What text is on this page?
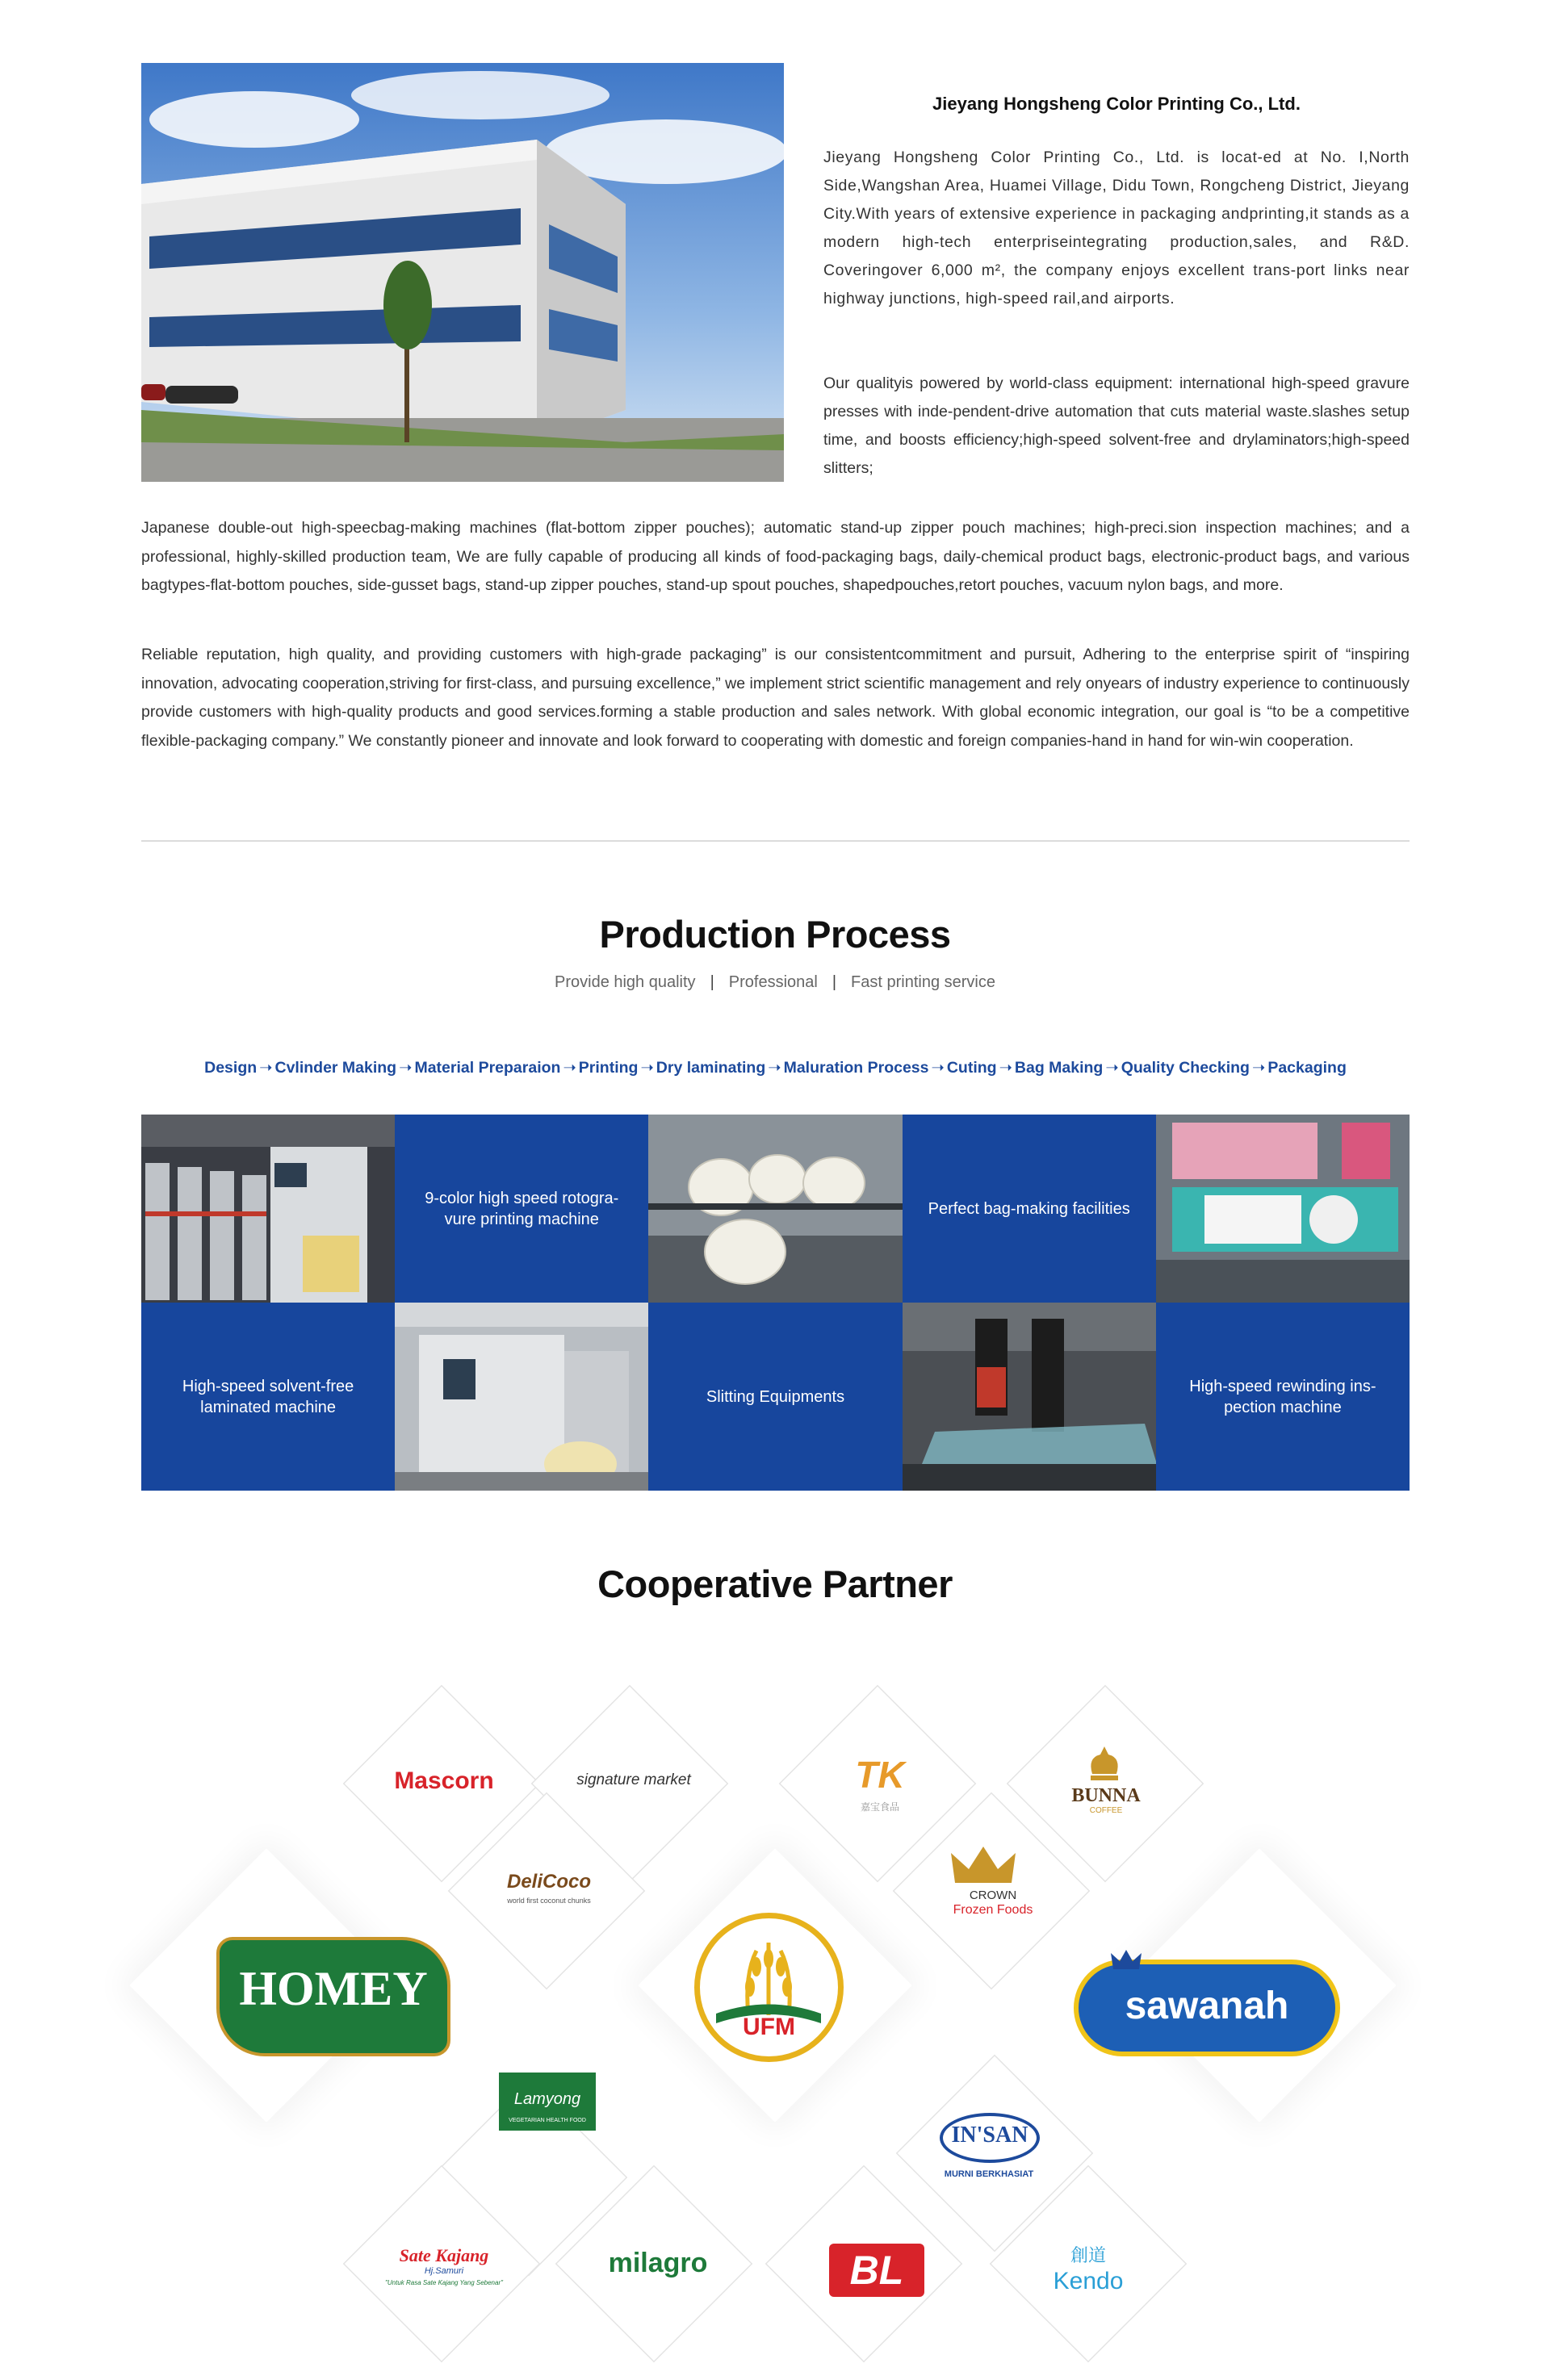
Jieyang Hongsheng Color Printing Co., Ltd.

Jieyang Hongsheng Color Printing Co., Ltd. is locat-ed at No. I,North Side,Wangshan Area, Huamei Village, Didu Town, Rongcheng District, Jieyang City.With years of extensive experience in packaging andprinting,it stands as a modern high-tech enterpriseintegrating production,sales, and R&D. Coveringover 6,000 m², the company enjoys excellent trans-port links near highway junctions, high-speed rail,and airports.

Our qualityis powered by world-class equipment: international high-speed gravure presses with inde-pendent-drive automation that cuts material waste.slashes setup time, and boosts efficiency;high-speed solvent-free and drylaminators;high-speed slitters;

Japanese double-out high-speecbag-making machines (flat-bottom zipper pouches); automatic stand-up zipper pouch machines; high-preci.sion inspection machines; and a professional, highly-skilled production team, We are fully capable of producing all kinds of food-packaging bags, daily-chemical product bags, electronic-product bags, and various bagtypes-flat-bottom pouches, side-gusset bags, stand-up zipper pouches, stand-up spout pouches, shapedpouches,retort pouches, vacuum nylon bags, and more.

Reliable reputation, high quality, and providing customers with high-grade packaging” is our consistentcommitment and pursuit, Adhering to the enterprise spirit of “inspiring innovation, advocating cooperation,striving for first-class, and pursuing excellence,” we implement strict scientific management and rely onyears of industry experience to continuously provide customers with high-quality products and good services.forming a stable production and sales network. With global economic integration, our goal is “to be a competitive flexible-packaging company.” We constantly pioneer and innovate and look forward to cooperating with domestic and foreign companies-hand in hand for win-win cooperation.

Production Process
Provide high quality | Professional | Fast printing service
Design ➝ Cvlinder Making ➝ Material Preparaion ➝ Printing ➝ Dry laminating ➝ Maluration Process ➝ Cuting ➝ Bag Making ➝ Quality Checking ➝ Packaging
9-color high speed rotogra-vure printing machine
Perfect bag-making facilities
High-speed solvent-free laminated machine
Slitting Equipments
High-speed rewinding ins-pection machine
Cooperative Partner
Mascorn	signature market	TK
嘉宝食品
BUNNA
COFFEE
DeliCoco
world first coconut chunks	CROWN
Frozen Foods
HOMEY
UFM	sawanah
Lamyong
VEGETARIAN HEALTH FOOD
IN'SAN
MURNI BERKHASIAT
Sate Kajang
Hj.Samuri
"Untuk Rasa Sate Kajang Yang Sebenar"
milagro	BL	創道
Kendo
